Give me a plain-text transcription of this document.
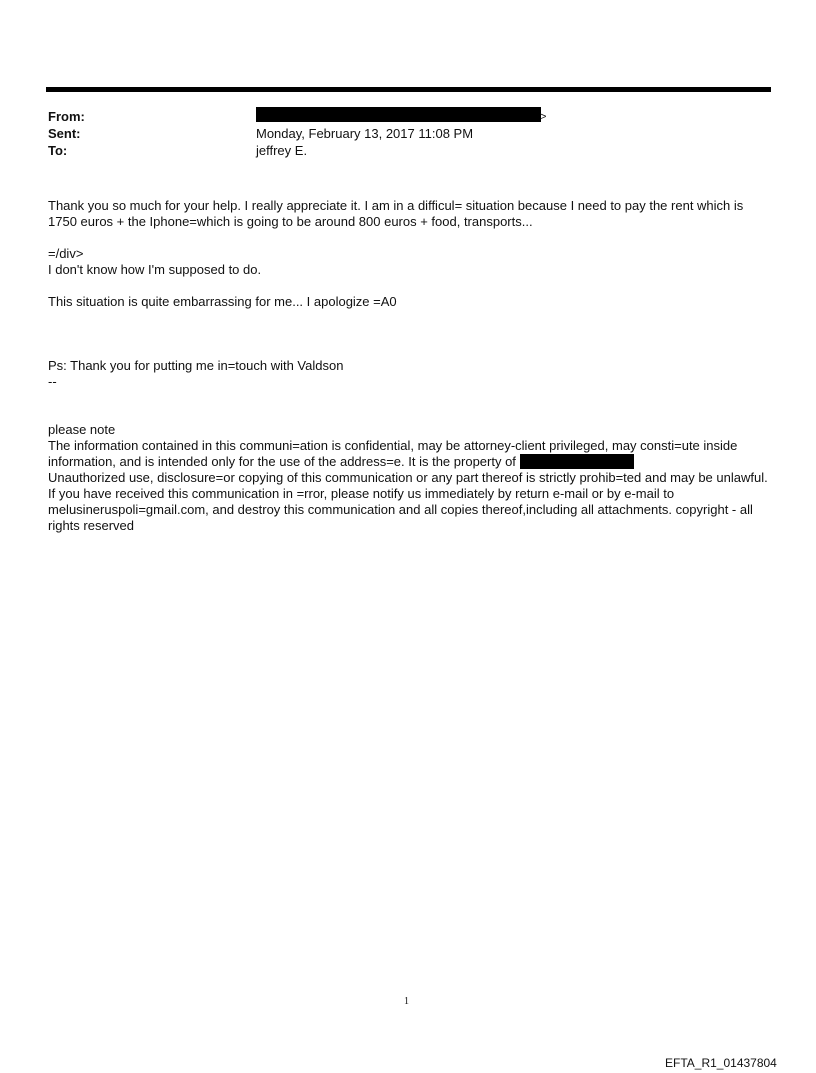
From:	>
Sent:	Monday, February 13, 2017 11:08 PM
To:	jeffrey E.

Thank you so much for your help. I really appreciate it. I am in a difficul= situation because I need to pay the rent which is 1750 euros + the Iphone=which is going to be around 800 euros + food, transports...

=/div>
I don't know how I'm supposed to do.

This situation is quite embarrassing for me... I apologize =A0

Ps: Thank you for putting me in=touch with Valdson
--
please note
The information contained in this communi=ation is confidential, may be attorney-client privileged, may consti=ute inside information, and is intended only for the use of the address=e. It is the property of
Unauthorized use, disclosure=or copying of this communication or any part thereof is strictly prohib=ted and may be unlawful. If you have received this communication in =rror, please notify us immediately by return e-mail or by e-mail to melusineruspoli=gmail.com, and destroy this communication and all copies thereof,including all attachments. copyright - all rights reserved
1
EFTA_R1_01437804
